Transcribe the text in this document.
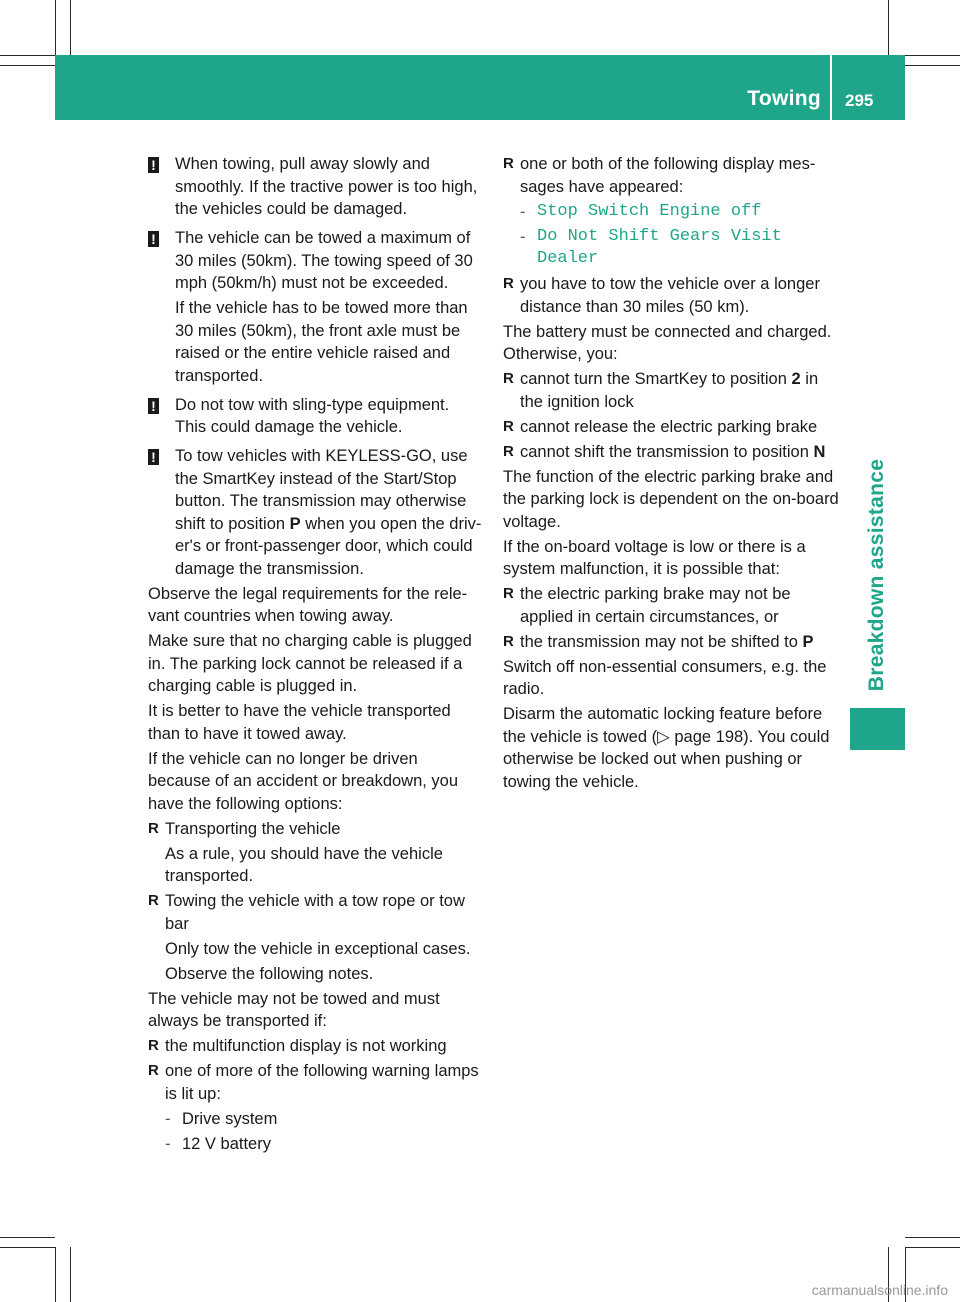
Towing 295
Breakdown assistance
! When towing, pull away slowly and smoothly. If the tractive power is too high, the vehicles could be damaged.
! The vehicle can be towed a maximum of 30 miles (50km). The towing speed of 30 mph (50km/h) must not be exceeded.
If the vehicle has to be towed more than 30 miles (50km), the front axle must be raised or the entire vehicle raised and transported.
! Do not tow with sling-type equipment. This could damage the vehicle.
! To tow vehicles with KEYLESS-GO, use the SmartKey instead of the Start/Stop button. The transmission may otherwise shift to position P when you open the driver's or front-passenger door, which could damage the transmission.

Observe the legal requirements for the relevant countries when towing away.

Make sure that no charging cable is plugged in. The parking lock cannot be released if a charging cable is plugged in.

It is better to have the vehicle transported than to have it towed away.

If the vehicle can no longer be driven because of an accident or breakdown, you have the following options:

R Transporting the vehicle
As a rule, you should have the vehicle transported.
R Towing the vehicle with a tow rope or tow bar
Only tow the vehicle in exceptional cases.
Observe the following notes.

The vehicle may not be towed and must always be transported if:

R the multifunction display is not working
R one of more of the following warning lamps is lit up:
- Drive system
- 12 V battery
R one or both of the following display messages have appeared:
- Stop Switch Engine off
- Do Not Shift Gears Visit Dealer
R you have to tow the vehicle over a longer distance than 30 miles (50 km).

The battery must be connected and charged. Otherwise, you:

R cannot turn the SmartKey to position 2 in the ignition lock
R cannot release the electric parking brake
R cannot shift the transmission to position N

The function of the electric parking brake and the parking lock is dependent on the on-board voltage.

If the on-board voltage is low or there is a system malfunction, it is possible that:

R the electric parking brake may not be applied in certain circumstances, or
R the transmission may not be shifted to P

Switch off non-essential consumers, e.g. the radio.

Disarm the automatic locking feature before the vehicle is towed (▷ page 198). You could otherwise be locked out when pushing or towing the vehicle.

carmanualsonline.info
